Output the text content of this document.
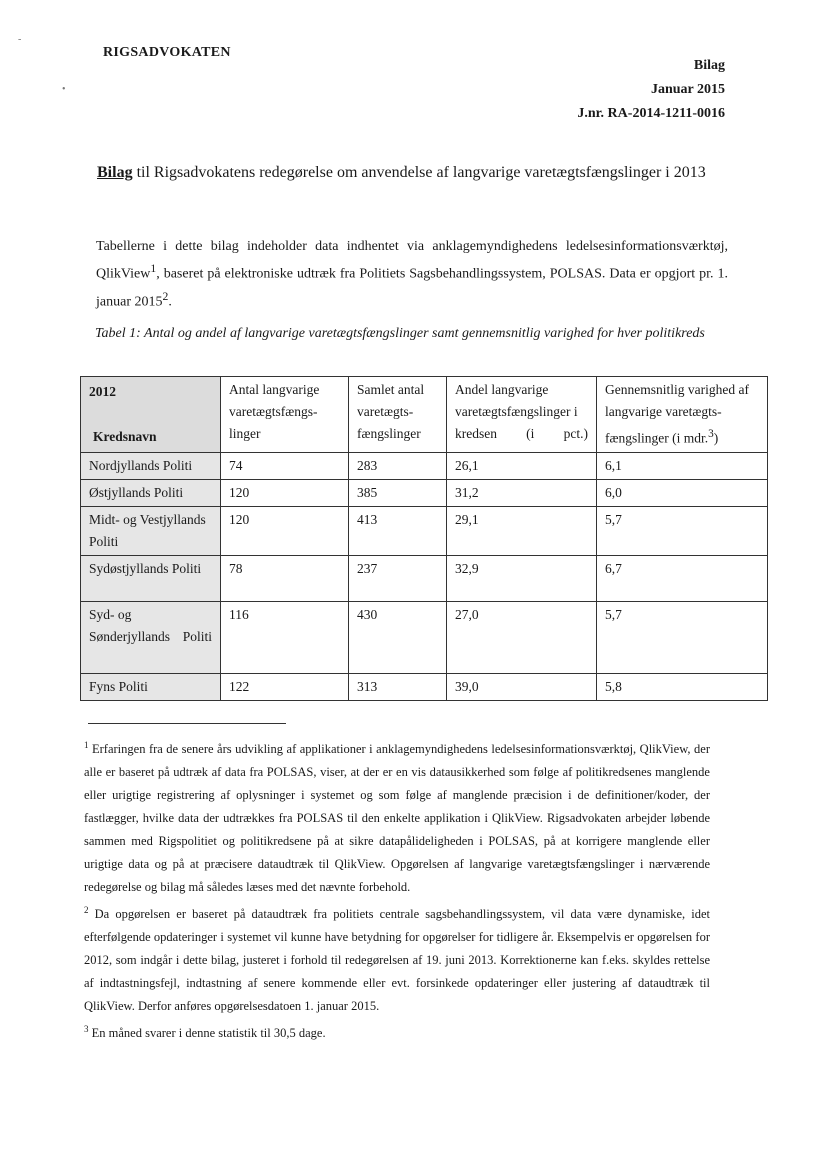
-
•
RIGSADVOKATEN
Bilag
Januar 2015
J.nr. RA-2014-1211-0016
Bilag til Rigsadvokatens redegørelse om anvendelse af langvarige varetægtsfængslinger i 2013
Tabellerne i dette bilag indeholder data indhentet via anklagemyndighedens ledelsesinformationsværktøj, QlikView$^1$, baseret på elektroniske udtræk fra Politiets Sagsbehandlingssystem, POLSAS. Data er opgjort pr. 1. januar 2015$^2$.
Tabel 1: Antal og andel af langvarige varetægtsfængslinger samt gennemsnitlig varighed for hver politikreds
2012
Kredsnavn	Antal langvarige varetægtsfængs-linger	Samlet antal varetægts-fængslinger	Andel langvarige varetægtsfængslinger i kredsen (i pct.)	Gennemsnitlig varighed af langvarige varetægts-fængslinger (i mdr.$^3$)
Nordjyllands Politi	74	283	26,1	6,1
Østjyllands Politi	120	385	31,2	6,0
Midt- og Vestjyllands Politi	120	413	29,1	5,7
Sydøstjyllands Politi	78	237	32,9	6,7
Syd- og Sønderjyllands Politi	116	430	27,0	5,7
Fyns Politi	122	313	39,0	5,8

$^1$ Erfaringen fra de senere års udvikling af applikationer i anklagemyndighedens ledelsesinformationsværktøj, QlikView, der alle er baseret på udtræk af data fra POLSAS, viser, at der er en vis datausikkerhed som følge af politikredsenes manglende eller urigtige registrering af oplysninger i systemet og som følge af manglende præcision i de definitioner/koder, der fastlægger, hvilke data der udtrækkes fra POLSAS til den enkelte applikation i QlikView. Rigsadvokaten arbejder løbende sammen med Rigspolitiet og politikredsene på at sikre datapålideligheden i POLSAS, på at korrigere manglende eller urigtige data og på at præcisere dataudtræk til QlikView. Opgørelsen af langvarige varetægtsfængslinger i nærværende redegørelse og bilag må således læses med det nævnte forbehold.

$^2$ Da opgørelsen er baseret på dataudtræk fra politiets centrale sagsbehandlingssystem, vil data være dynamiske, idet efterfølgende opdateringer i systemet vil kunne have betydning for opgørelser for tidligere år. Eksempelvis er opgørelsen for 2012, som indgår i dette bilag, justeret i forhold til redegørelsen af 19. juni 2013. Korrektionerne kan f.eks. skyldes rettelse af indtastningsfejl, indtastning af senere kommende eller evt. forsinkede opdateringer eller justering af dataudtræk til QlikView. Derfor anføres opgørelsesdatoen 1. januar 2015.

$^3$ En måned svarer i denne statistik til 30,5 dage.
